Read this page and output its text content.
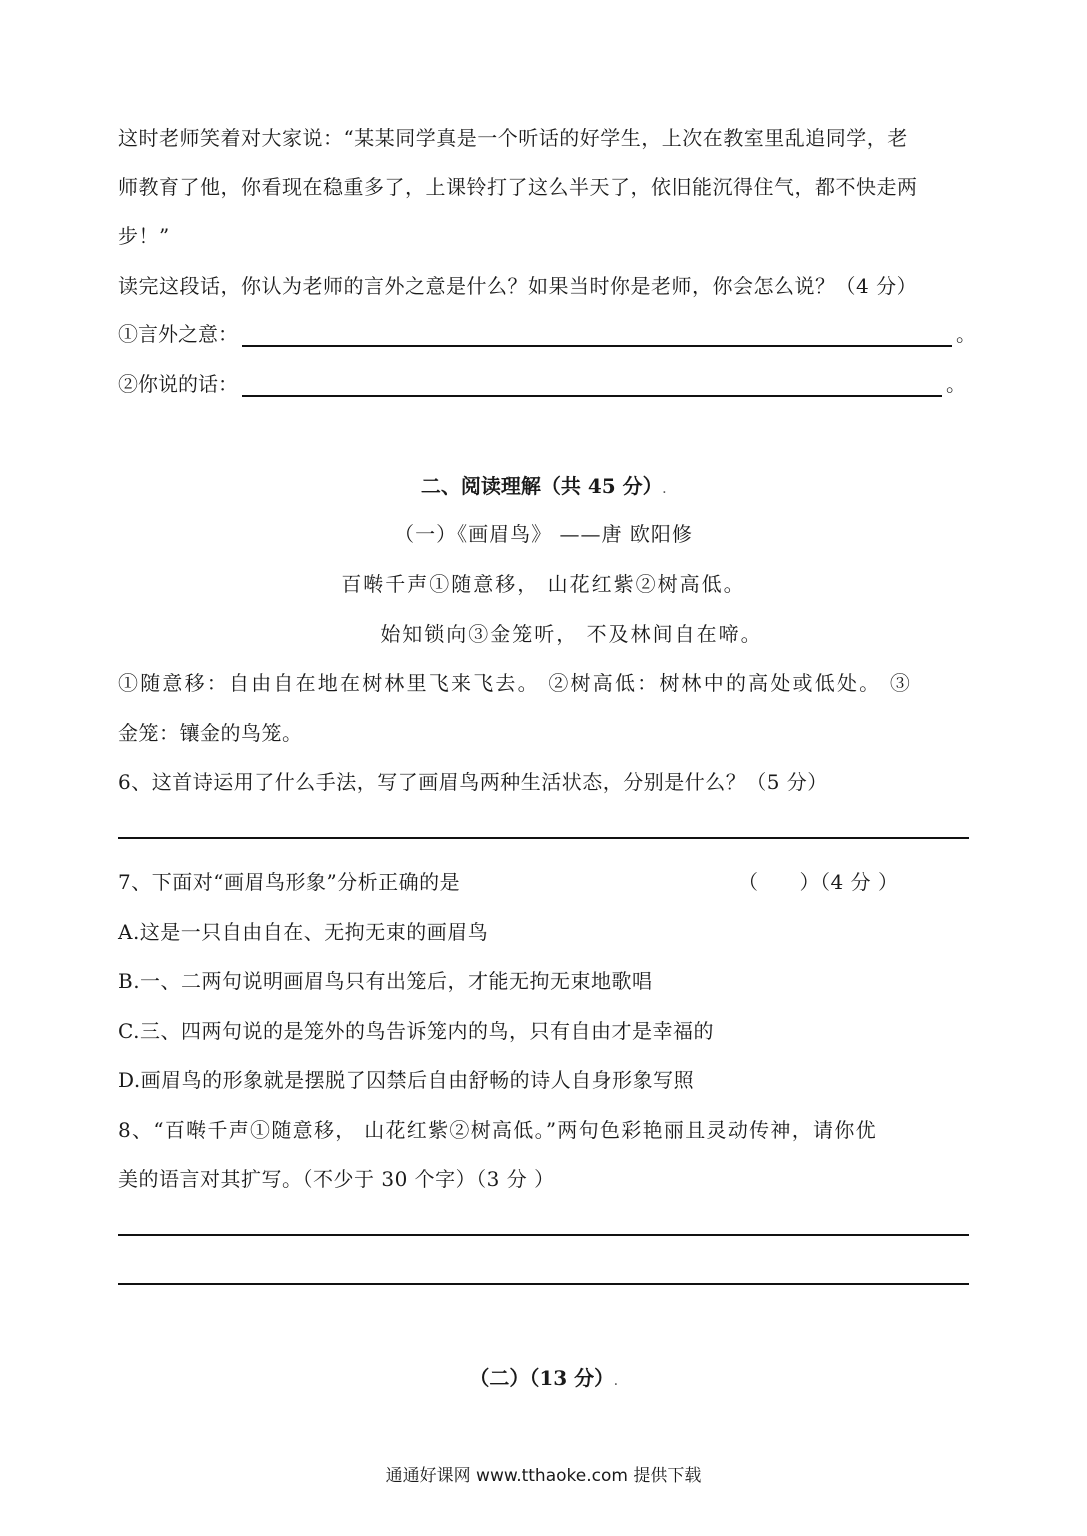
这时老师笑着对大家说：“某某同学真是一个听话的好学生，上次在教室里乱追同学，老
师教育了他，你看现在稳重多了，上课铃打了这么半天了，依旧能沉得住气，都不快走两
步！”
读完这段话，你认为老师的言外之意是什么？如果当时你是老师，你会怎么说？（4 分）
①言外之意：	。
②你说的话：	。
二、阅读理解（共 45 分）.
（一）《画眉鸟》 ——唐 欧阳修
百啭千声①随意移， 山花红紫②树高低。
始知锁向③金笼听， 不及林间自在啼。
①随意移：自由自在地在树林里飞来飞去。 ②树高低：树林中的高处或低处。 ③
金笼：镶金的鸟笼。
6、这首诗运用了什么手法，写了画眉鸟两种生活状态，分别是什么？（5 分）
7、下面对“画眉鸟形象”分析正确的是	（　　）（4 分 ）
A.这是一只自由自在、无拘无束的画眉鸟
B.一、二两句说明画眉鸟只有出笼后，才能无拘无束地歌唱
C.三、四两句说的是笼外的鸟告诉笼内的鸟，只有自由才是幸福的
D.画眉鸟的形象就是摆脱了囚禁后自由舒畅的诗人自身形象写照
8、“百啭千声①随意移， 山花红紫②树高低。”两句色彩艳丽且灵动传神，请你优
美的语言对其扩写。（不少于 30 个字）（3 分 ）
（二）（13 分）.
通通好课网 www.tthaoke.com 提供下载
